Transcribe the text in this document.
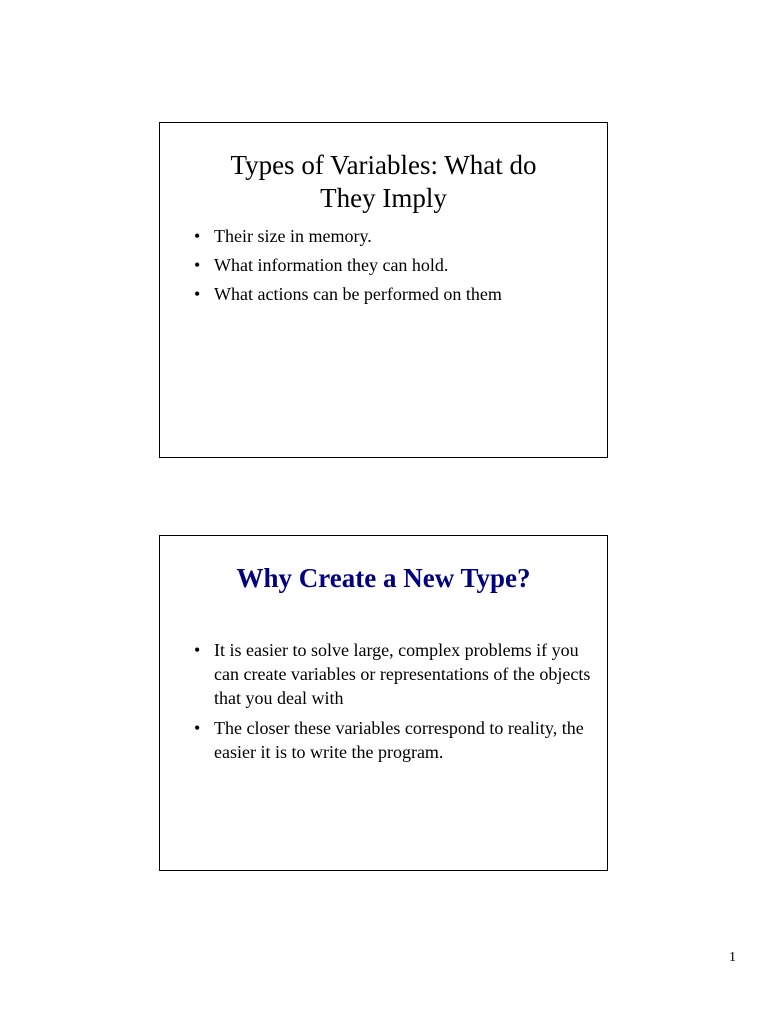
Types of Variables: What do
They Imply
• Their size in memory.
• What information they can hold.
• What actions can be performed on them
Why Create a New Type?
• It is easier to solve large, complex problems if you can create variables or representations of the objects that you deal with
• The closer these variables correspond to reality, the easier it is to write the program.
1
